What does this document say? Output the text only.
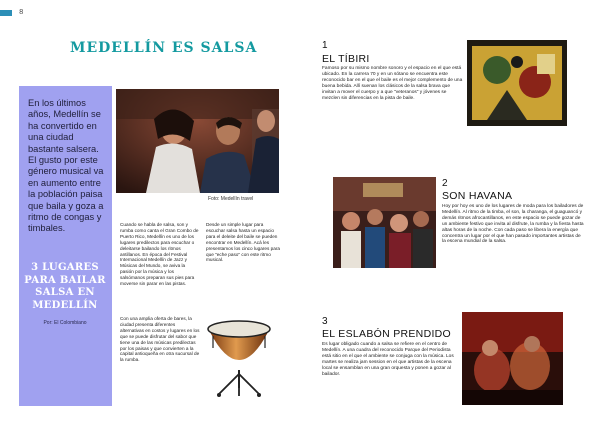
8
MEDELLÍN ES SALSA
En los últimos años, Medellín se ha convertido en una ciudad bastante salsera. El gusto por este género musical va en aumento entre la población paisa que baila y goza a ritmo de congas y timbales.
3 LUGARES PARA BAILAR SALSA EN MEDELLÍN
Por: El Colombiano
Foto: Medellín travel
Cuando se habla de salsa, son y rumba como canta el Gran Combo de Puerto Rico, Medellín es uno de los lugares predilectos para escuchar o deleitarse bailando los ritmos antillanos. En época del Festival Internacional Medellín de Jazz y Músicas del Mundo, se aviva la pasión por la música y los salsómanos preparan sus pies para moverse sin parar en las pistas.
Con una amplia oferta de bares, la ciudad presenta diferentes alternativas en costos y lugares en los que se puede disfrutar del sabor que tiene una de las músicas predilectas por los paisas y que convierten a la capital antioqueña en otra sucursal de la rumba.
Desde un simple lugar para escuchar salsa hasta un espacio para el deleite del baile se pueden encontrar en Medellín. Acá les presentamos los cinco lugares para que "eche paso" con este ritmo musical.
1
EL TÍBIRI
Famoso por su mismo nombre sonoro y el espacio en el que está ubicado. En la carrera 70 y en un sótano se encuentra este reconocido bar en el que el baile es el mejor complemento de una buena bebida. Allí suenan los clásicos de la salsa brava que invitan a mover el cuerpo y a que "veteranos" y jóvenes se mezclen sin diferencias en la pista de baile.
2
SON HAVANA
Hoy por hoy es uno de los lugares de moda para los bailadores de Medellín. Al ritmo de la timba, el son, la charanga, el guaguancó y demás ritmos afrocantillanos, en este espacio se puede gozar de un ambiente festivo que invita al disfrute, la rumba y la fiesta hasta altas horas de la noche. Con cada paso se libera la energía que concentra un lugar por el que han pasado importantes artistas de la escena mundial de la salsa.
3
EL ESLABÓN PRENDIDO
Es lugar obligado cuando a salsa se refiere en el centro de Medellín. A una cuadra del reconocido Parque del Periodista está sitio en el que el ambiente se conjuga con la música. Los martes se realiza jam session en el que artistas de la escena local se ensamblan en una gran orquesta y ponen a gozar al bailador.
